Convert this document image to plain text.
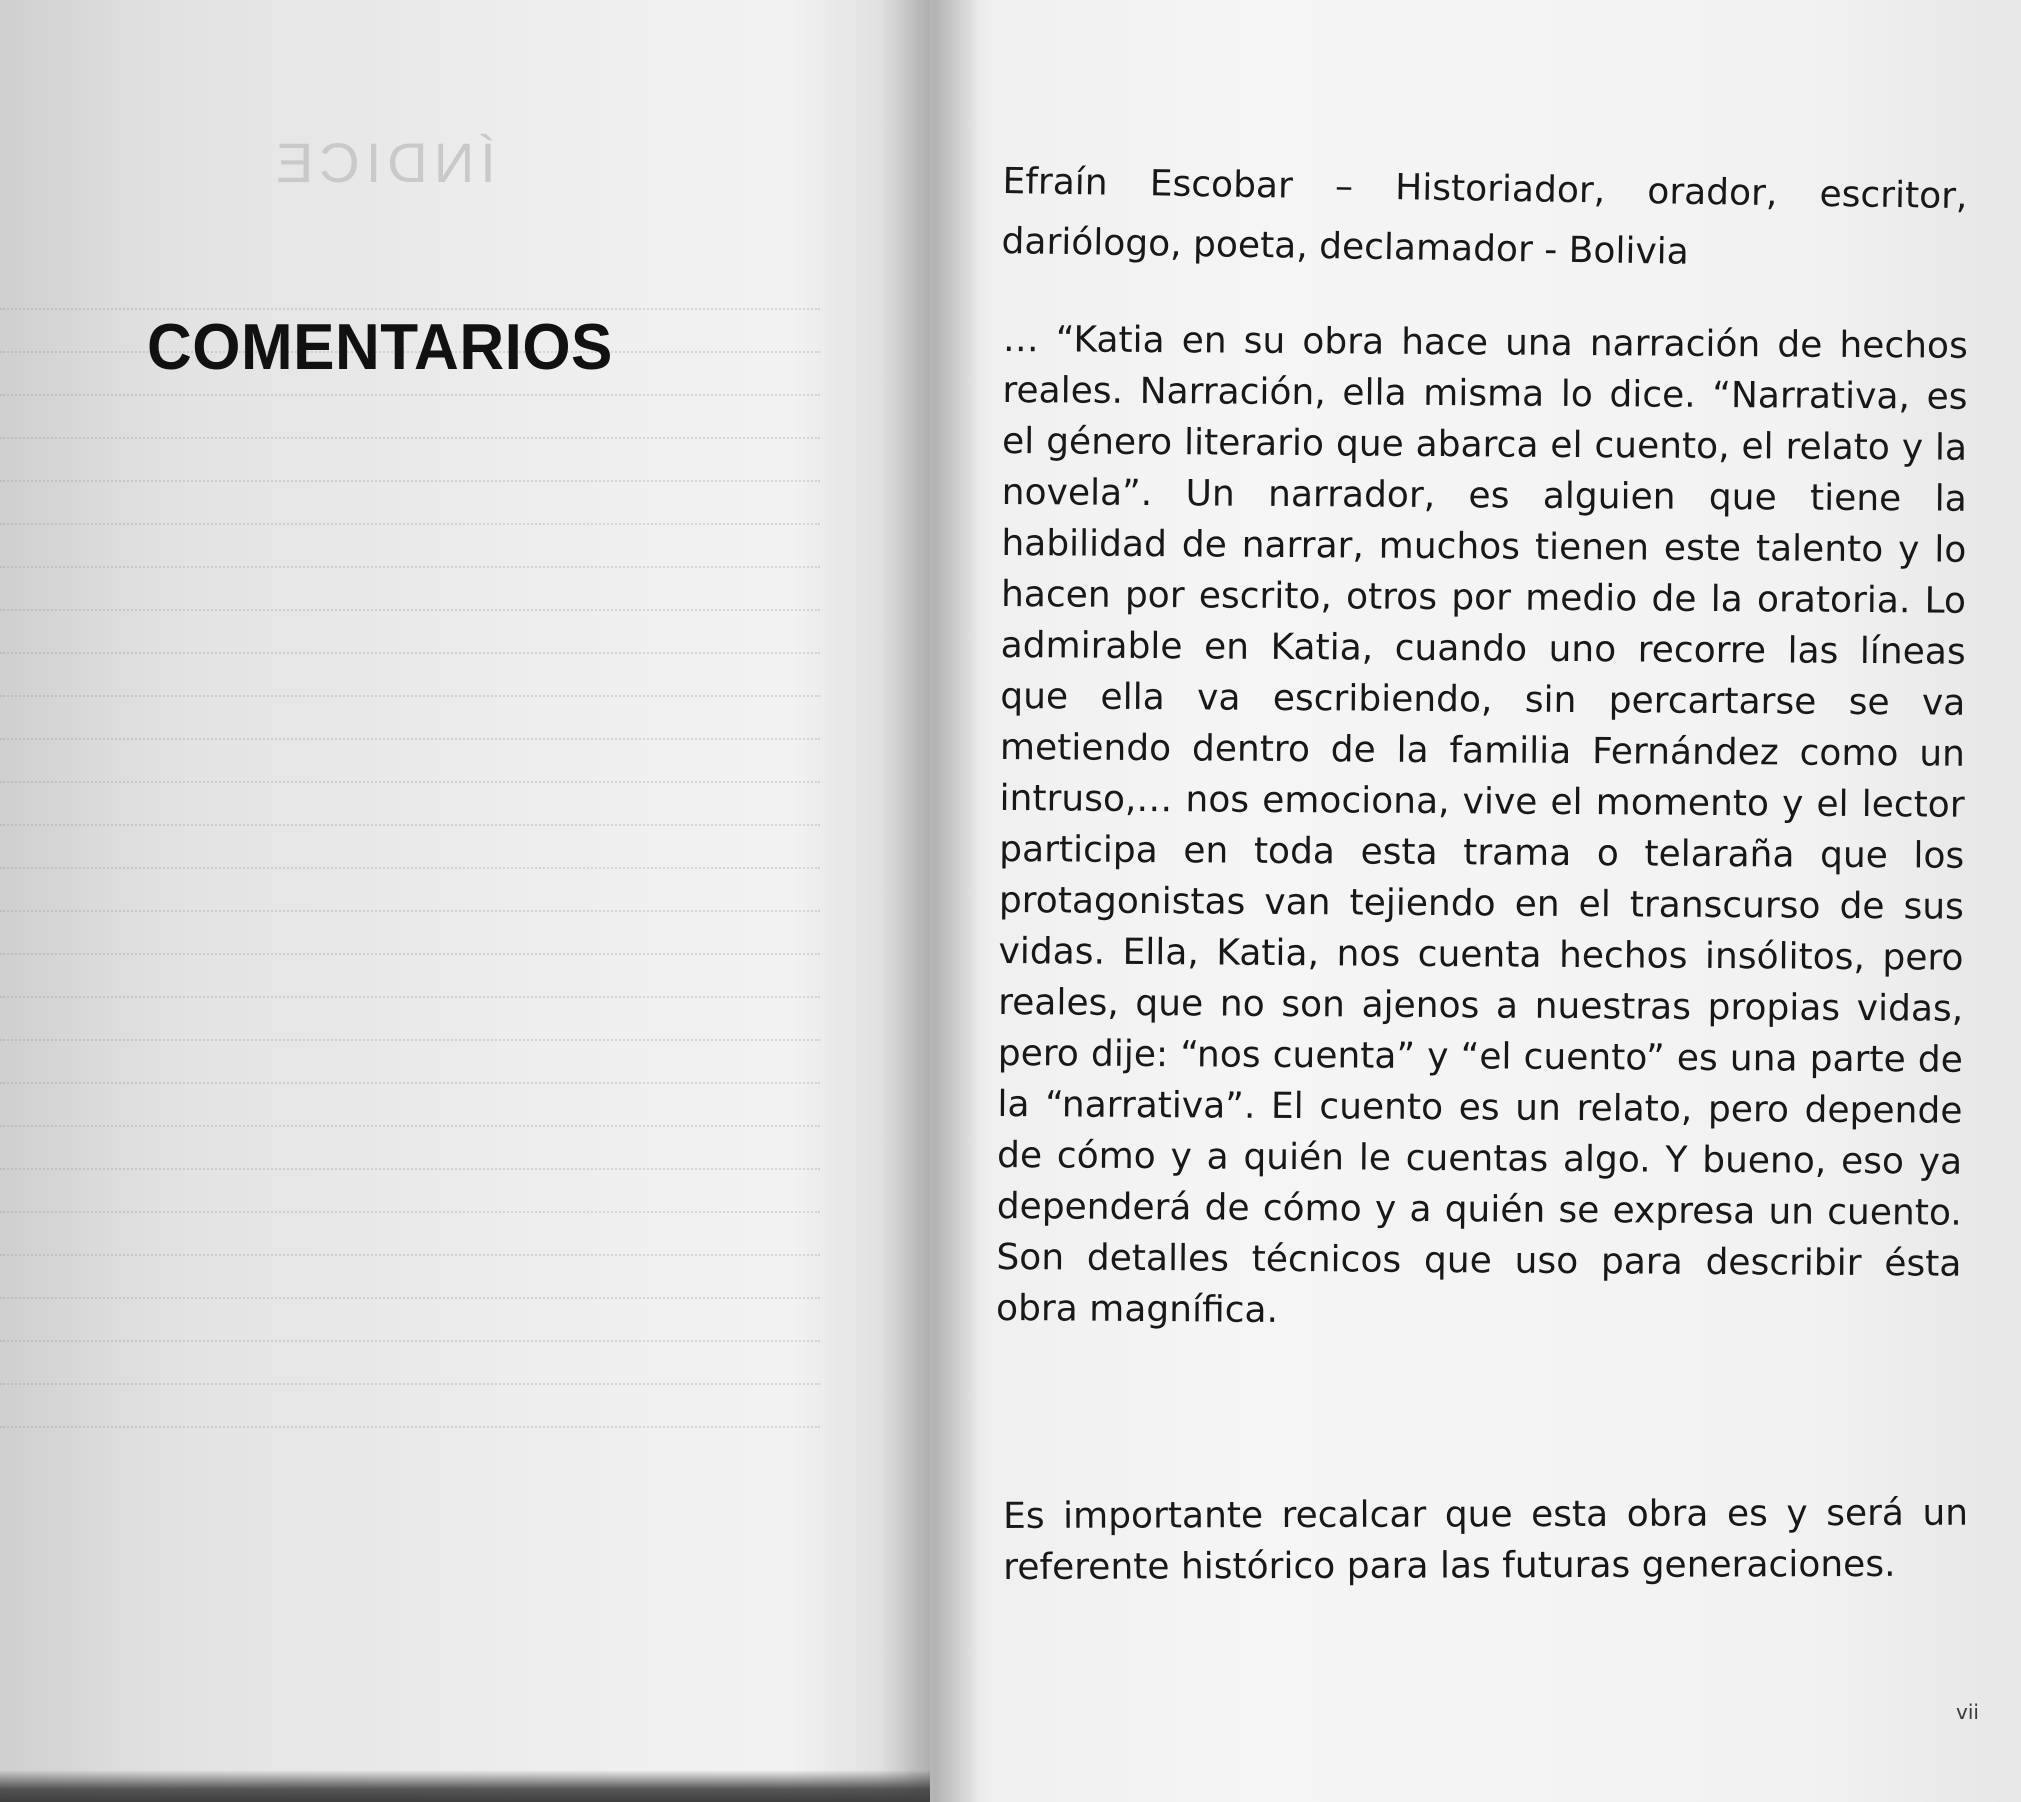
ÍNDICE
COMENTARIOS

Efraín Escobar – Historiador, orador, escritor, dariólogo, poeta, declamador - Bolivia

… “Katia en su obra hace una narración de hechos reales. Narración, ella misma lo dice. “Narrativa, es el género literario que abarca el cuento, el relato y la novela”. Un narrador, es alguien que tiene la habilidad de narrar, muchos tienen este talento y lo hacen por escrito, otros por medio de la oratoria. Lo admirable en Katia, cuando uno recorre las líneas que ella va escribiendo, sin percartarse se va metiendo dentro de la familia Fernández como un intruso,… nos emociona, vive el momento y el lector participa en toda esta trama o telaraña que los protagonistas van tejiendo en el transcurso de sus vidas. Ella, Katia, nos cuenta hechos insólitos, pero reales, que no son ajenos a nuestras propias vidas, pero dije: “nos cuenta” y “el cuento” es una parte de la “narrativa”. El cuento es un relato, pero depende de cómo y a quién le cuentas algo. Y bueno, eso ya dependerá de cómo y a quién se expresa un cuento. Son detalles técnicos que uso para describir ésta obra magnífica.

Es importante recalcar que esta obra es y será un referente histórico para las futuras generaciones.

vii
